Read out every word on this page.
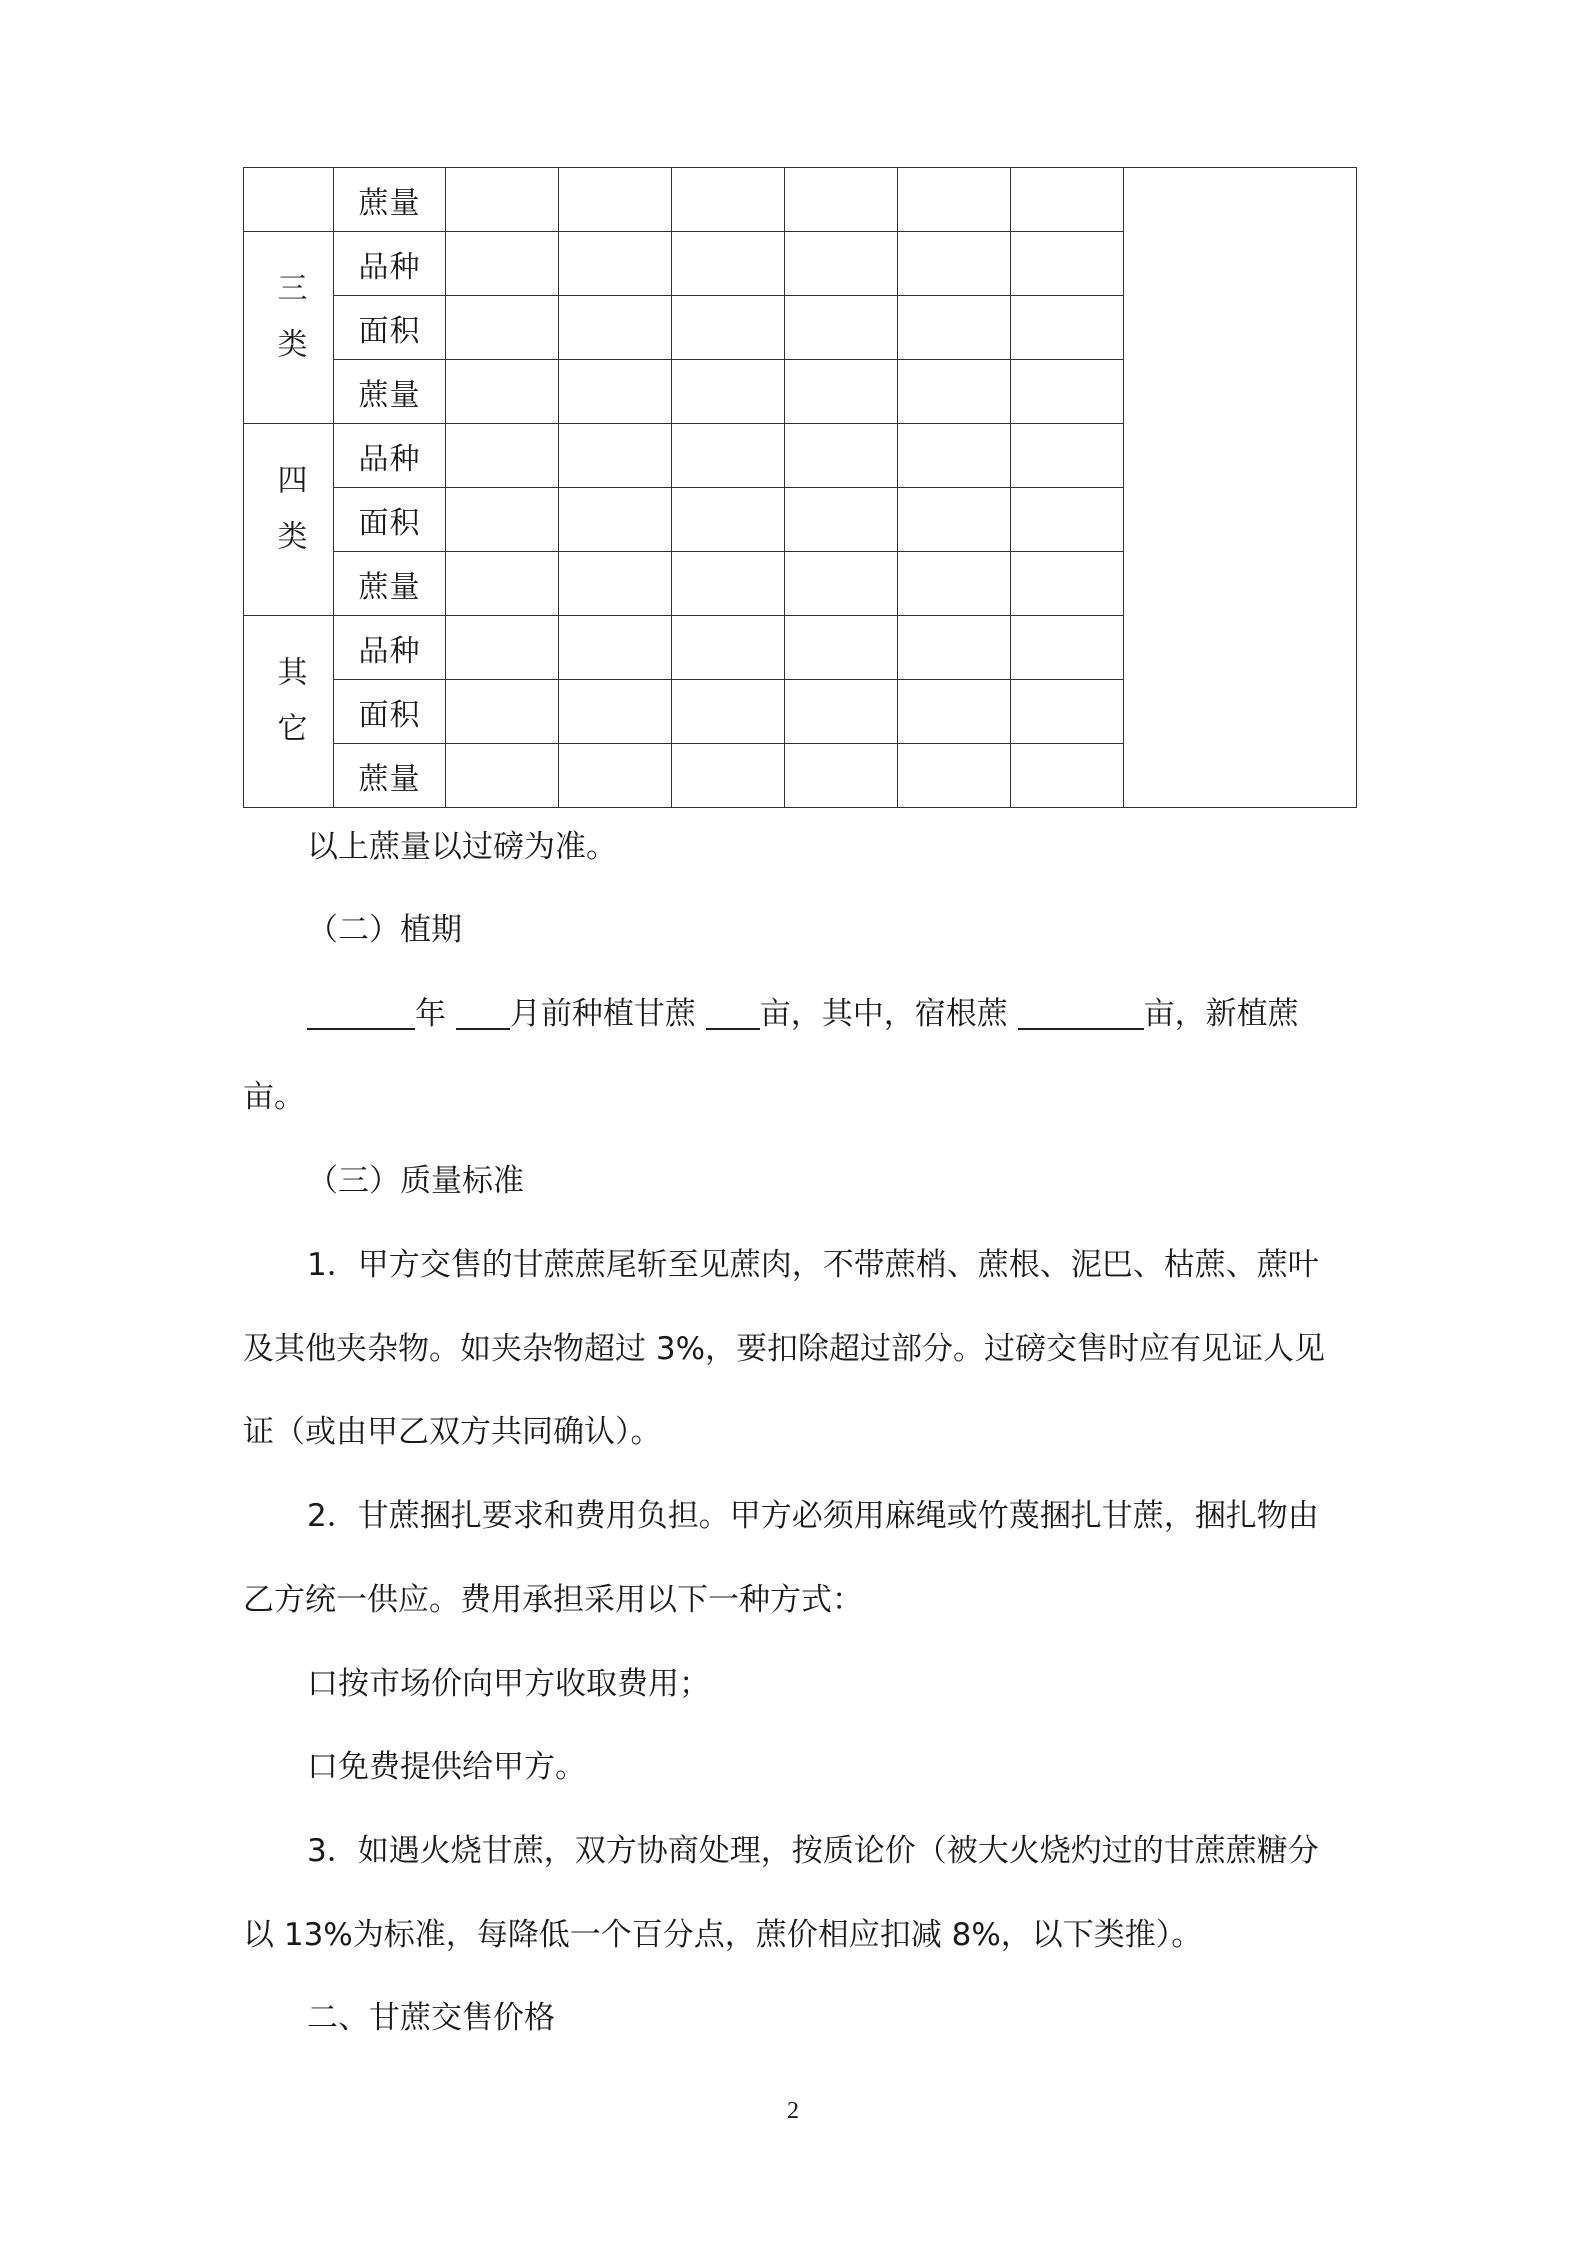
	蔗量							
三类	品种							
	面积							
	蔗量							
四类	品种							
	面积							
	蔗量							
其它	品种							
	面积							
	蔗量							
以上蔗量以过磅为准。
（二）植期
年 月前种植甘蔗 亩，其中，宿根蔗	亩，新植蔗
亩。
（三）质量标准
1．甲方交售的甘蔗蔗尾斩至见蔗肉，不带蔗梢、蔗根、泥巴、枯蔗、蔗叶
及其他夹杂物。如夹杂物超过 3%，要扣除超过部分。过磅交售时应有见证人见
证（或由甲乙双方共同确认）。
2．甘蔗捆扎要求和费用负担。甲方必须用麻绳或竹蔑捆扎甘蔗，捆扎物由
乙方统一供应。费用承担采用以下一种方式：
口按市场价向甲方收取费用；
口免费提供给甲方。
3．如遇火烧甘蔗，双方协商处理，按质论价（被大火烧灼过的甘蔗蔗糖分
以 13%为标准，每降低一个百分点，蔗价相应扣减 8%，以下类推）。
二、甘蔗交售价格
2
